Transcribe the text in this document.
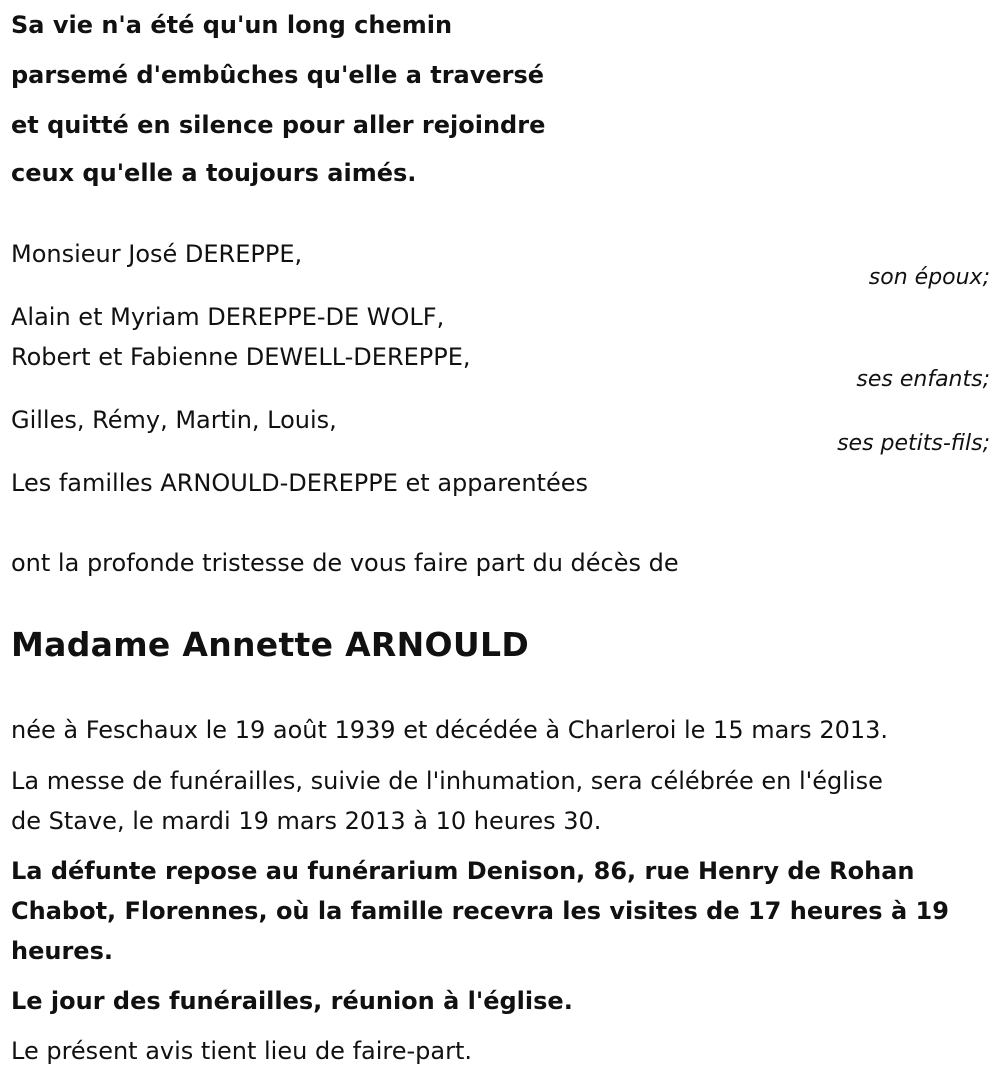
Sa vie n'a été qu'un long chemin

parsemé d'embûches qu'elle a traversé

et quitté en silence pour aller rejoindre

ceux qu'elle a toujours aimés.

Monsieur José DEREPPE,

son époux;

Alain et Myriam DEREPPE-DE WOLF,

Robert et Fabienne DEWELL-DEREPPE,

ses enfants;

Gilles, Rémy, Martin, Louis,

ses petits-fils;

Les familles ARNOULD-DEREPPE et apparentées

ont la profonde tristesse de vous faire part du décès de

Madame Annette ARNOULD

née à Feschaux le 19 août 1939 et décédée à Charleroi le 15 mars 2013.

La messe de funérailles, suivie de l'inhumation, sera célébrée en l'église

de Stave, le mardi 19 mars 2013 à 10 heures 30.

La défunte repose au funérarium Denison, 86, rue Henry de Rohan

Chabot, Florennes, où la famille recevra les visites de 17 heures à 19

heures.

Le jour des funérailles, réunion à l'église.

Le présent avis tient lieu de faire-part.
